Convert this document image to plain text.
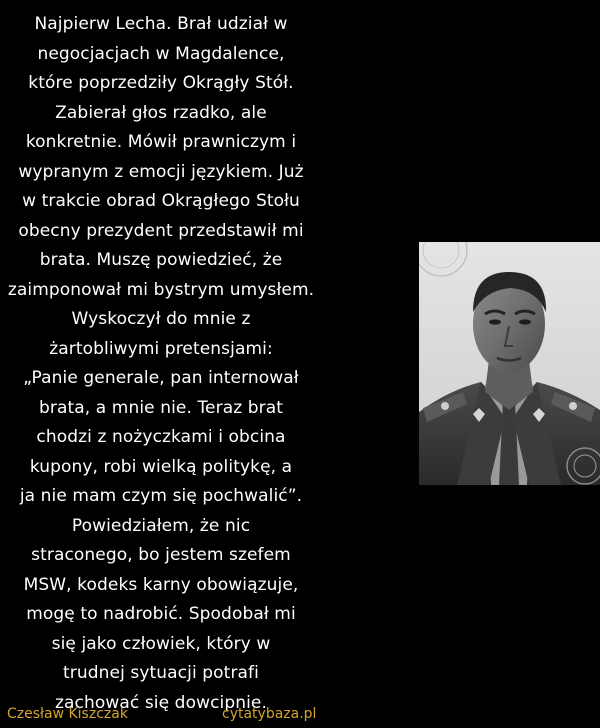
Najpierw Lecha. Brał udział w
negocjacjach w Magdalence,
które poprzedziły Okrągły Stół.
Zabierał głos rzadko, ale
konkretnie. Mówił prawniczym i
wypranym z emocji językiem. Już
w trakcie obrad Okrągłego Stołu
obecny prezydent przedstawił mi
brata. Muszę powiedzieć, że
zaimponował mi bystrym umysłem.
Wyskoczył do mnie z
żartobliwymi pretensjami:
„Panie generale, pan internował
brata, a mnie nie. Teraz brat
chodzi z nożyczkami i obcina
kupony, robi wielką politykę, a
ja nie mam czym się pochwalić”.
Powiedziałem, że nic
straconego, bo jestem szefem
MSW, kodeks karny obowiązuje,
mogę to nadrobić. Spodobał mi
się jako człowiek, który w
trudnej sytuacji potrafi
zachować się dowcipnie.

Czesław Kiszczak	cytatybaza.pl
